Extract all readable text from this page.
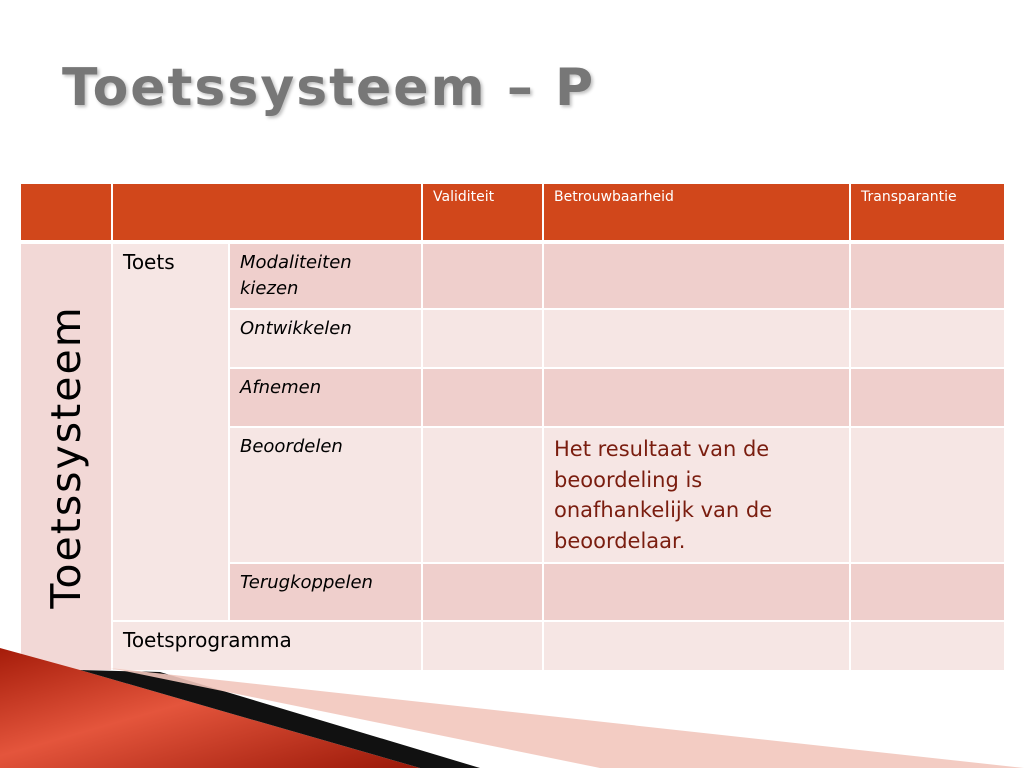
Toetssysteem – P

			Validiteit	Betrouwbaarheid	Transparantie

Toetssysteem	Toets	Modaliteiten kiezen			

		Ontwikkelen			

		Afnemen			

		Beoordelen		Het resultaat van de beoordeling is onafhankelijk van de beoordelaar.	

		Terugkoppelen			

	Toetsprogramma				
